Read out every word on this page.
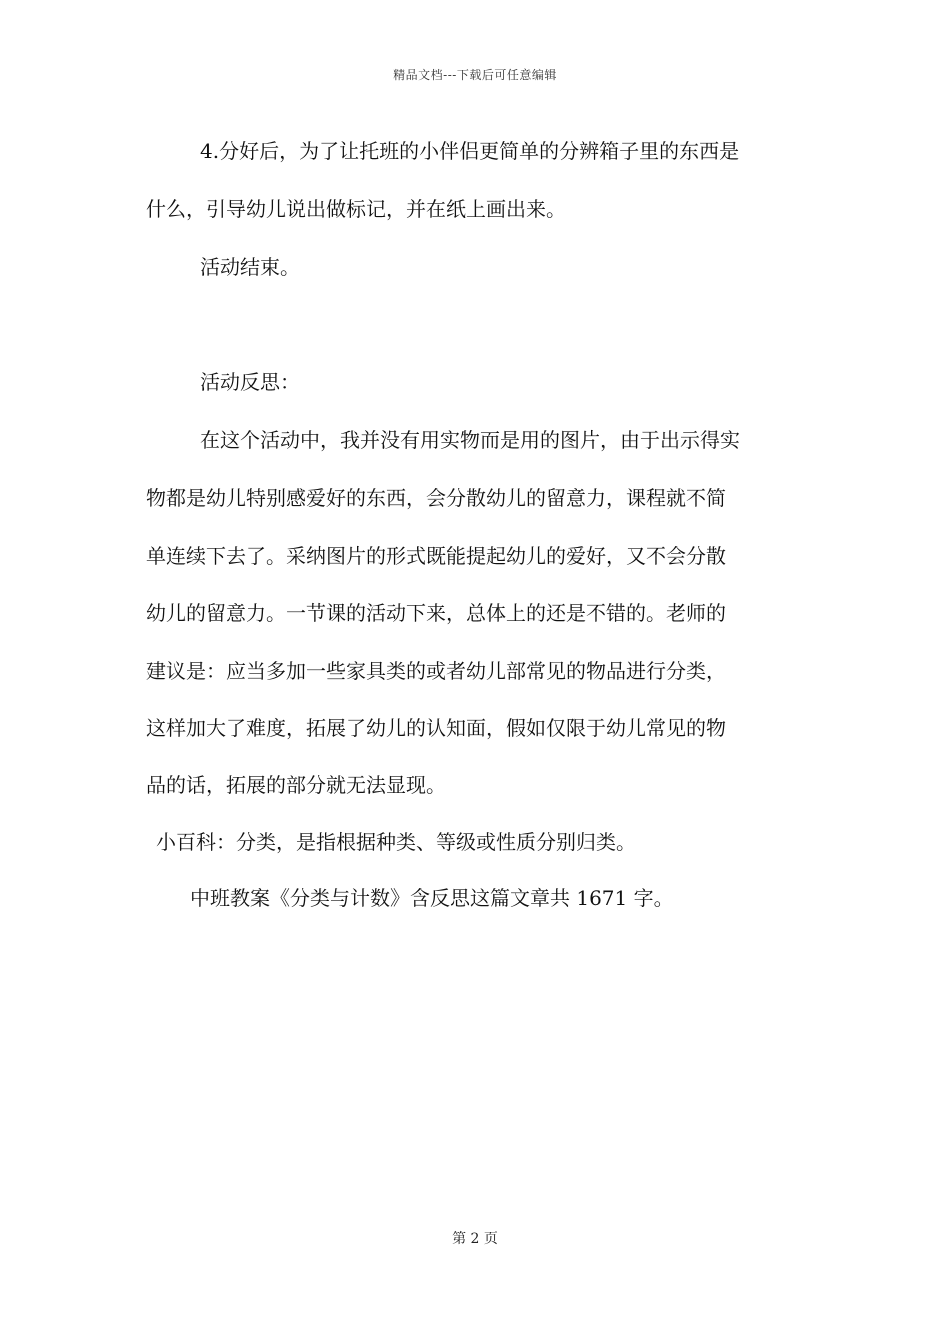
精品文档---下载后可任意编辑
4.分好后，为了让托班的小伴侣更简单的分辨箱子里的东西是
什么，引导幼儿说出做标记，并在纸上画出来。
活动结束。
活动反思：
在这个活动中，我并没有用实物而是用的图片，由于出示得实
物都是幼儿特别感爱好的东西，会分散幼儿的留意力，课程就不简
单连续下去了。采纳图片的形式既能提起幼儿的爱好，又不会分散
幼儿的留意力。一节课的活动下来，总体上的还是不错的。老师的
建议是：应当多加一些家具类的或者幼儿部常见的物品进行分类，
这样加大了难度，拓展了幼儿的认知面，假如仅限于幼儿常见的物
品的话，拓展的部分就无法显现。
小百科：分类，是指根据种类、等级或性质分别归类。
中班教案《分类与计数》含反思这篇文章共 1671 字。
第 2 页
